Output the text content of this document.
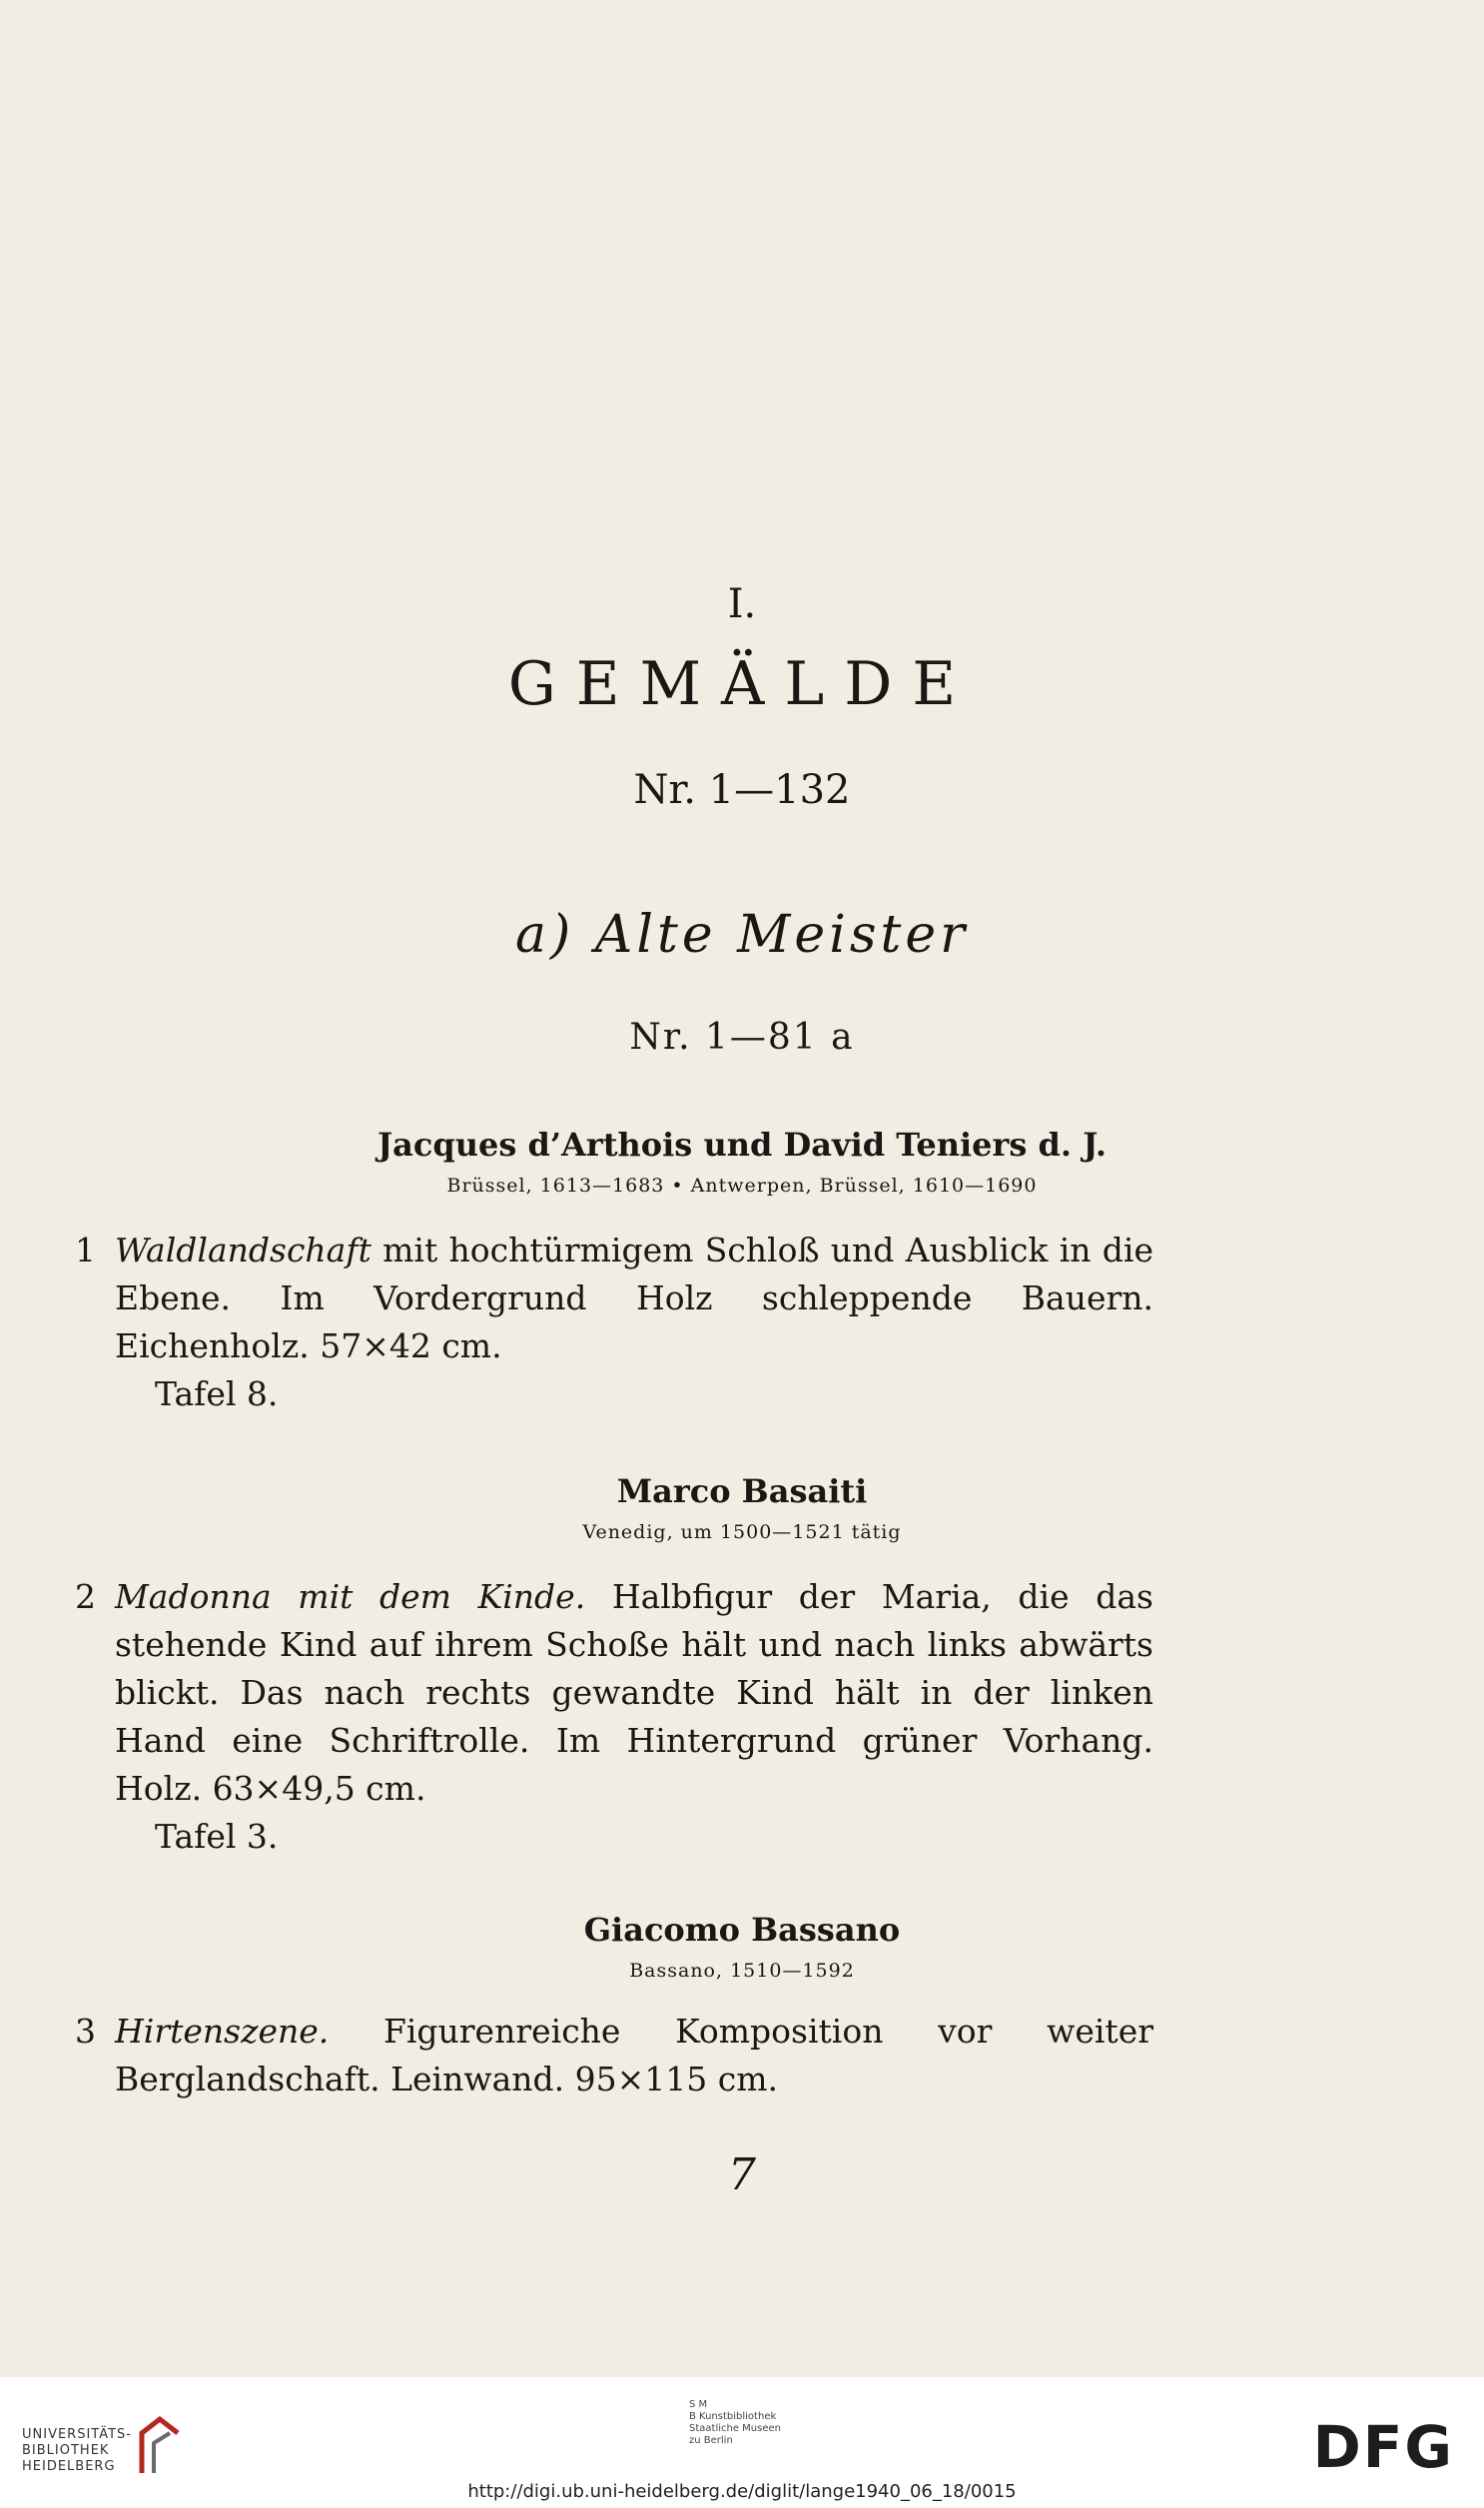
I.
GEMÄLDE
Nr. 1—132
a) Alte Meister
Nr. 1—81 a
Jacques d’Arthois und David Teniers d. J.
Brüssel, 1613—1683 • Antwerpen, Brüssel, 1610—1690
1 Waldlandschaft mit hochtürmigem Schloß und Ausblick in die Ebene. Im Vordergrund Holz schleppende Bauern. Eichenholz. 57×42 cm.
Tafel 8.
Marco Basaiti
Venedig, um 1500—1521 tätig
2 Madonna mit dem Kinde. Halbfigur der Maria, die das stehende Kind auf ihrem Schoße hält und nach links abwärts blickt. Das nach rechts gewandte Kind hält in der linken Hand eine Schriftrolle. Im Hintergrund grüner Vorhang. Holz. 63×49,5 cm.
Tafel 3.
Giacomo Bassano
Bassano, 1510—1592
3 Hirtenszene. Figurenreiche Komposition vor weiter Berglandschaft. Leinwand. 95×115 cm.
7
UNIVERSITÄTS-
BIBLIOTHEK
HEIDELBERG
S M
B Kunstbibliothek
Staatliche Museen
zu Berlin	DFG
http://digi.ub.uni-heidelberg.de/diglit/lange1940_06_18/0015
